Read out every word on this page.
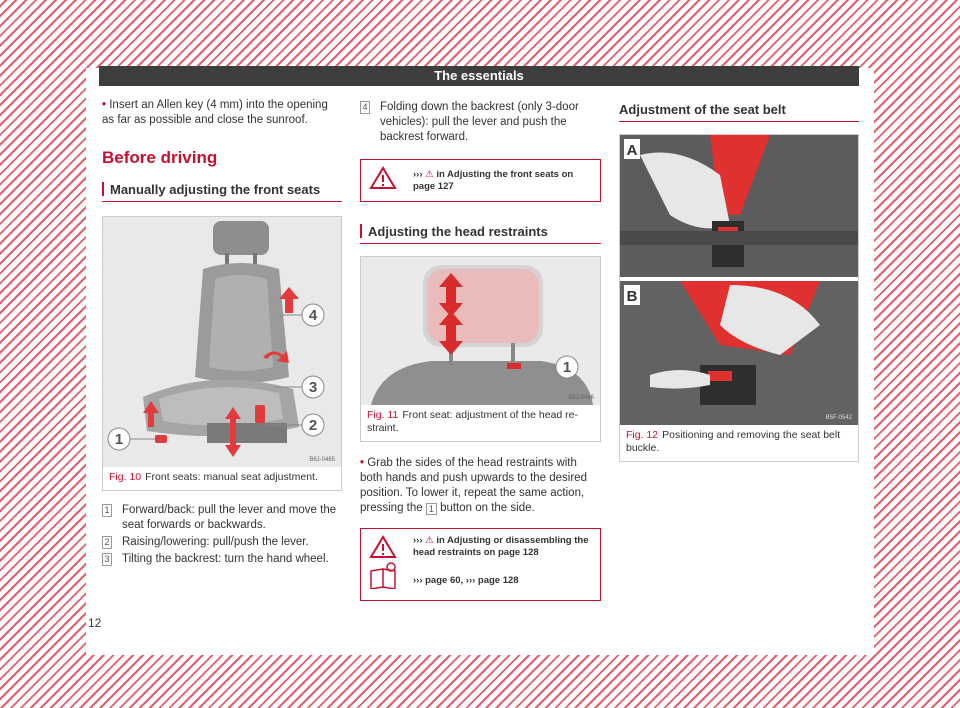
The essentials

• Insert an Allen key (4 mm) into the opening as far as possible and close the sunroof.

Before driving
Manually adjusting the front seats
4
3
2
1
B6J-0465
Fig. 10 Front seats: manual seat adjustment.
1 Forward/back: pull the lever and move the seat forwards or backwards.
2 Raising/lowering: pull/push the lever.
3 Tilting the backrest: turn the hand wheel.
4 Folding down the backrest (only 3-door vehicles): pull the lever and push the backrest forward.
››› ⚠ in Adjusting the front seats on page 127
Adjusting the head restraints
1
B6J-0466
Fig. 11 Front seat: adjustment of the head re-straint.

• Grab the sides of the head restraints with both hands and push upwards to the desired position. To lower it, repeat the same action, pressing the 1 button on the side.

››› ⚠ in Adjusting or disassembling the head restraints on page 128
››› page 60, ››› page 128
Adjustment of the seat belt
A
B
B5F-0542
Fig. 12 Positioning and removing the seat belt buckle.
12
